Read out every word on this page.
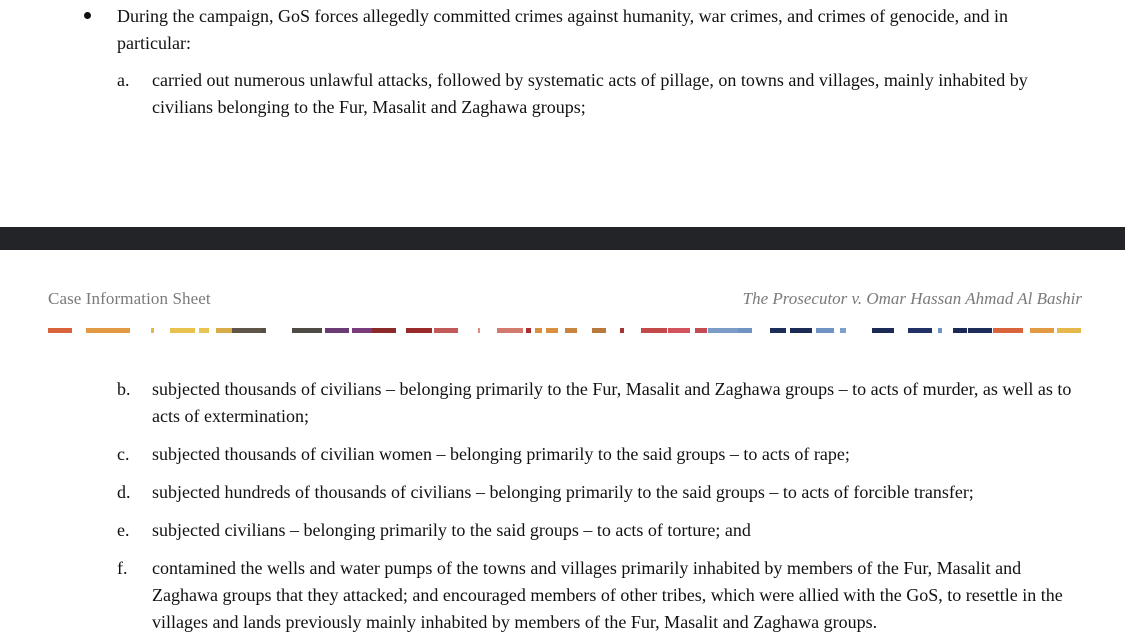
During the campaign, GoS forces allegedly committed crimes against humanity, war crimes, and crimes of genocide, and in particular:
a.	carried out numerous unlawful attacks, followed by systematic acts of pillage, on towns and villages, mainly inhabited by civilians belonging to the Fur, Masalit and Zaghawa groups;
Case Information Sheet	The Prosecutor v. Omar Hassan Ahmad Al Bashir
b.	subjected thousands of civilians – belonging primarily to the Fur, Masalit and Zaghawa groups – to acts of murder, as well as to acts of extermination;
c.	subjected thousands of civilian women – belonging primarily to the said groups – to acts of rape;
d.	subjected hundreds of thousands of civilians – belonging primarily to the said groups – to acts of forcible transfer;
e.	subjected civilians – belonging primarily to the said groups – to acts of torture; and
f.	contamined the wells and water pumps of the towns and villages primarily inhabited by members of the Fur, Masalit and Zaghawa groups that they attacked; and encouraged members of other tribes, which were allied with the GoS, to resettle in the villages and lands previously mainly inhabited by members of the Fur, Masalit and Zaghawa groups.
